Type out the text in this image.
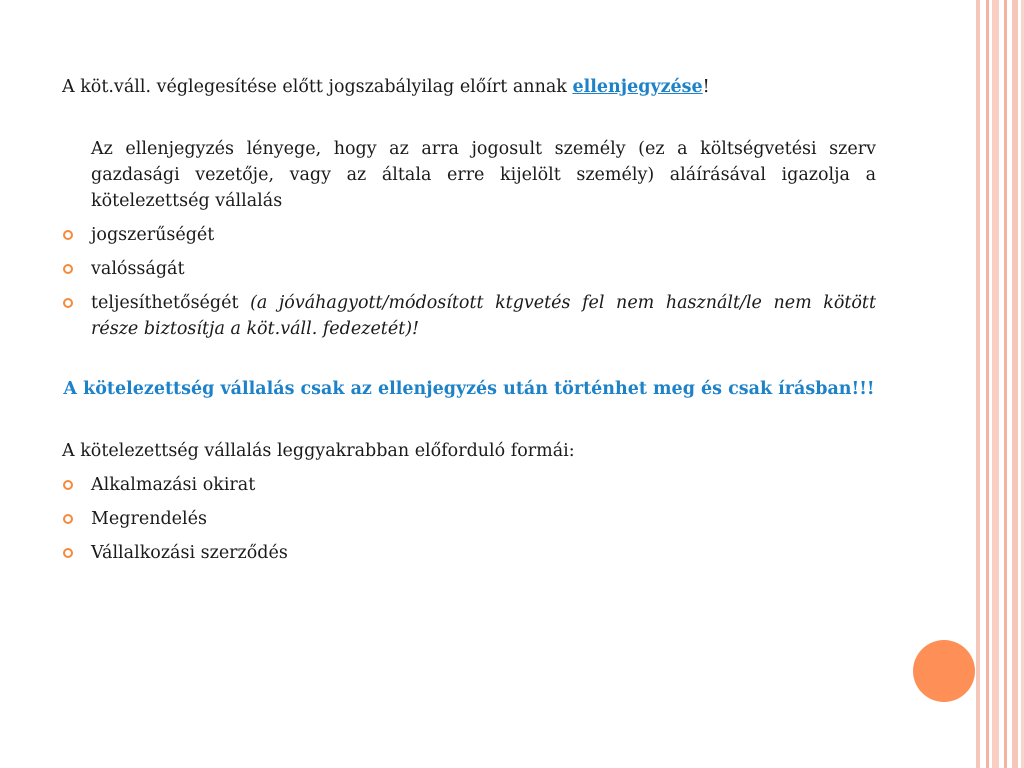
A köt.váll. véglegesítése előtt jogszabályilag előírt annak ellenjegyzése!

Az ellenjegyzés lényege, hogy az arra jogosult személy (ez a költségvetési szerv gazdasági vezetője, vagy az általa erre kijelölt személy) aláírásával igazolja a kötelezettség vállalás

jogszerűségét
valósságát
teljesíthetőségét (a jóváhagyott/módosított ktgvetés fel nem használt/le nem kötött része biztosítja a köt.váll. fedezetét)!

A kötelezettség vállalás csak az ellenjegyzés után történhet meg és csak írásban!!!

A kötelezettség vállalás leggyakrabban előforduló formái:

Alkalmazási okirat
Megrendelés
Vállalkozási szerződés
